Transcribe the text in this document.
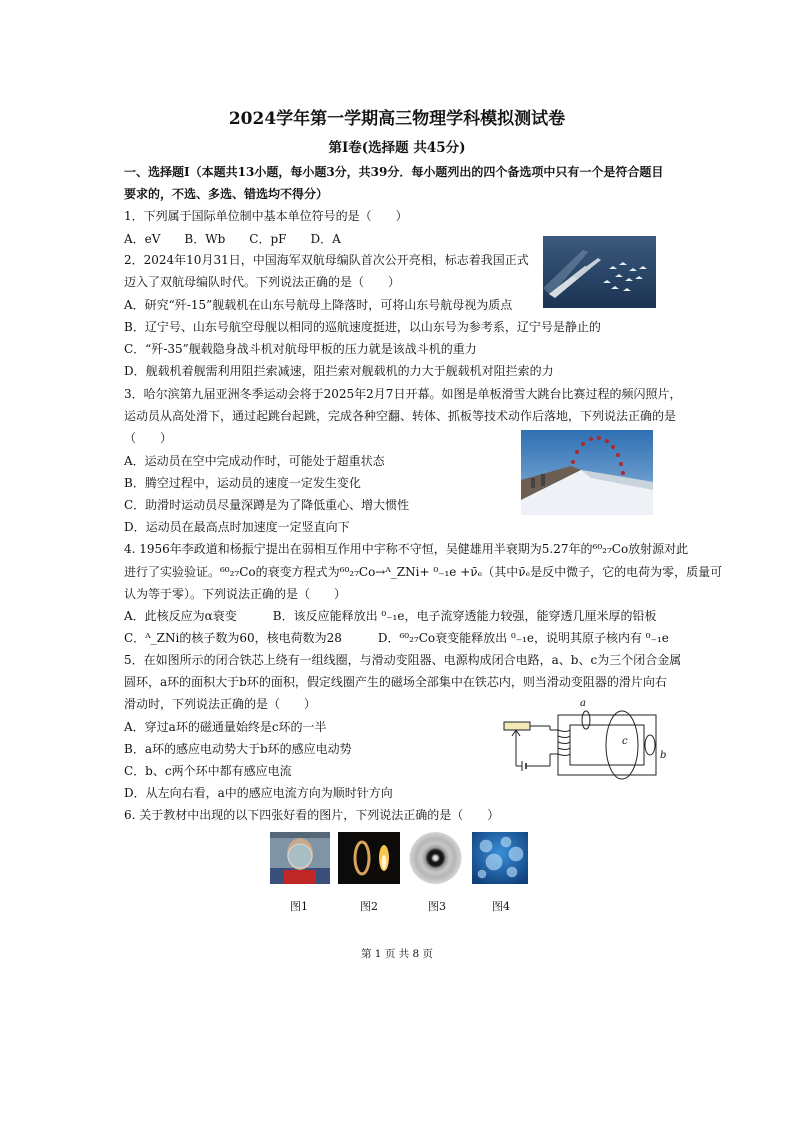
2024学年第一学期高三物理学科模拟测试卷
第Ⅰ卷(选择题 共45分)
一、选择题Ⅰ（本题共13小题，每小题3分，共39分．每小题列出的四个备选项中只有一个是符合题目
要求的，不选、多选、错选均不得分）
1．下列属于国际单位制中基本单位符号的是（　　）
A．eV　　B．Wb　　C．pF　　D．A
2．2024年10月31日，中国海军双航母编队首次公开亮相，标志着我国正式
迈入了双航母编队时代。下列说法正确的是（　　）
A．研究“歼-15”舰载机在山东号航母上降落时，可将山东号航母视为质点
B．辽宁号、山东号航空母舰以相同的巡航速度挺进，以山东号为参考系，辽宁号是静止的
C．“歼-35”舰载隐身战斗机对航母甲板的压力就是该战斗机的重力
D．舰载机着舰需利用阻拦索减速，阻拦索对舰载机的力大于舰载机对阻拦索的力
3．哈尔滨第九届亚洲冬季运动会将于2025年2月7日开幕。如图是单板滑雪大跳台比赛过程的频闪照片，
运动员从高处滑下，通过起跳台起跳，完成各种空翻、转体、抓板等技术动作后落地，下列说法正确的是
（　　）
A．运动员在空中完成动作时，可能处于超重状态
B．腾空过程中，运动员的速度一定发生变化
C．助滑时运动员尽量深蹲是为了降低重心、增大惯性
D．运动员在最高点时加速度一定竖直向下
4. 1956年李政道和杨振宁提出在弱相互作用中宇称不守恒，吴健雄用半衰期为5.27年的⁶⁰₂₇Co放射源对此
进行了实验验证。⁶⁰₂₇Co的衰变方程式为⁶⁰₂₇Co→ᴬ_ZNi+ ⁰₋₁e +ν̄ₑ（其中ν̄ₑ是反中微子，它的电荷为零，质量可
认为等于零）。下列说法正确的是（　　）
A．此核反应为α衰变　　　B．该反应能释放出 ⁰₋₁e，电子流穿透能力较强，能穿透几厘米厚的铅板
C．ᴬ_ZNi的核子数为60，核电荷数为28　　　D．⁶⁰₂₇Co衰变能释放出 ⁰₋₁e，说明其原子核内有 ⁰₋₁e
5．在如图所示的闭合铁芯上绕有一组线圈，与滑动变阻器、电源构成闭合电路，a、b、c为三个闭合金属
圆环，a环的面积大于b环的面积，假定线圈产生的磁场全部集中在铁芯内，则当滑动变阻器的滑片向右
滑动时，下列说法正确的是（　　）
A．穿过a环的磁通量始终是c环的一半
B．a环的感应电动势大于b环的感应电动势
C．b、c两个环中都有感应电流
D．从左向右看，a中的感应电流方向为顺时针方向
a
c
b
6. 关于教材中出现的以下四张好看的图片，下列说法正确的是（　　）
图1	图2	图3	图4
第 1 页 共 8 页
